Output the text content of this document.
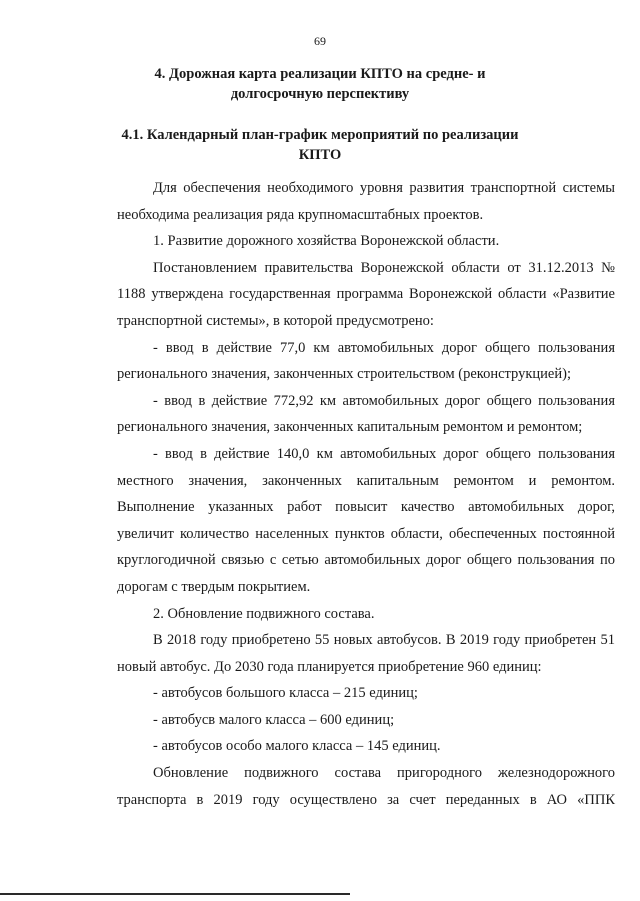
69
4. Дорожная карта реализации КПТО на средне- и долгосрочную перспективу
4.1. Календарный план-график мероприятий по реализации КПТО

Для обеспечения необходимого уровня развития транспортной системы необходима реализация ряда крупномасштабных проектов.

1. Развитие дорожного хозяйства Воронежской области.

Постановлением правительства Воронежской области от 31.12.2013 № 1188 утверждена государственная программа Воронежской области «Развитие транспортной системы», в которой предусмотрено:

- ввод в действие 77,0 км автомобильных дорог общего пользования регионального значения, законченных строительством (реконструкцией);

- ввод в действие 772,92 км автомобильных дорог общего пользования регионального значения, законченных капитальным ремонтом и ремонтом;

- ввод в действие 140,0 км автомобильных дорог общего пользования местного значения, законченных капитальным ремонтом и ремонтом. Выполнение указанных работ повысит качество автомобильных дорог, увеличит количество населенных пунктов области, обеспеченных постоянной круглогодичной связью с сетью автомобильных дорог общего пользования по дорогам с твердым покрытием.

2. Обновление подвижного состава.

В 2018 году приобретено 55 новых автобусов. В 2019 году приобретен 51 новый автобус. До 2030 года планируется приобретение 960 единиц:

- автобусов большого класса – 215 единиц;

- автобусв малого класса – 600 единиц;

- автобусов особо малого класса – 145 единиц.

Обновление подвижного состава пригородного железнодорожного транспорта в 2019 году осуществлено за счет переданных в АО «ППК
